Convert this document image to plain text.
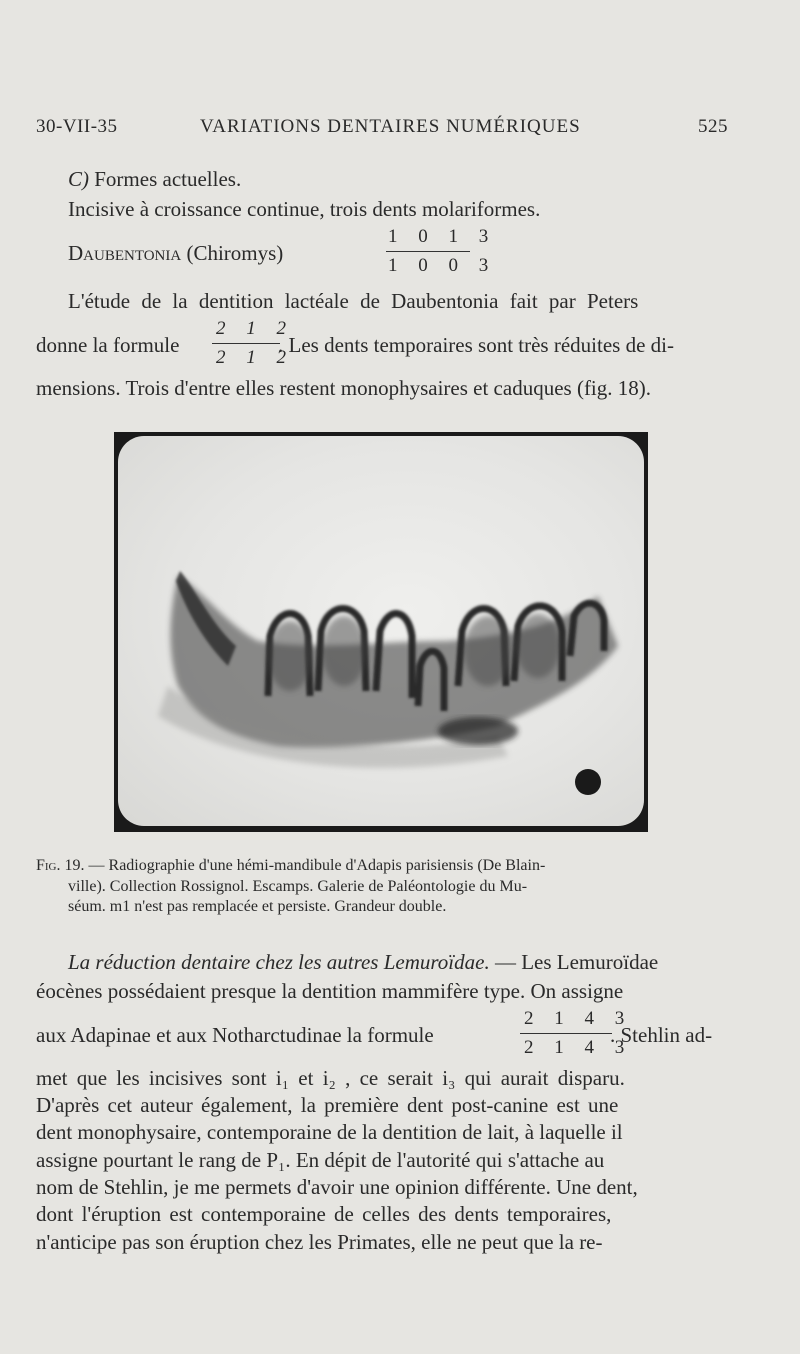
30-VII-35	VARIATIONS DENTAIRES NUMÉRIQUES	525
C) Formes actuelles.
Incisive à croissance continue, trois dents molariformes.
Daubentonia (Chiromys)
1 0 1 3
1 0 0 3
L'étude de la dentition lactéale de Daubentonia fait par Peters
donne la formule
2 1 2
2 1 2
. Les dents temporaires sont très réduites de di-
mensions. Trois d'entre elles restent monophysaires et caduques (fig. 18).
Fig. 19. — Radiographie d'une hémi-mandibule d'Adapis parisiensis (De Blain-
ville). Collection Rossignol. Escamps. Galerie de Paléontologie du Mu-
séum. m1 n'est pas remplacée et persiste. Grandeur double.
La réduction dentaire chez les autres Lemuroïdae. — Les Lemuroïdae
éocènes possédaient presque la dentition mammifère type. On assigne
aux Adapinae et aux Notharctudinae la formule
2 1 4 3
2 1 4 3
. Stehlin ad-
met que les incisives sont i₁ et i₂ , ce serait i₃ qui aurait disparu.
D'après cet auteur également, la première dent post-canine est une
dent monophysaire, contemporaine de la dentition de lait, à laquelle il
assigne pourtant le rang de P₁. En dépit de l'autorité qui s'attache au
nom de Stehlin, je me permets d'avoir une opinion différente. Une dent,
dont l'éruption est contemporaine de celles des dents temporaires,
n'anticipe pas son éruption chez les Primates, elle ne peut que la re-
